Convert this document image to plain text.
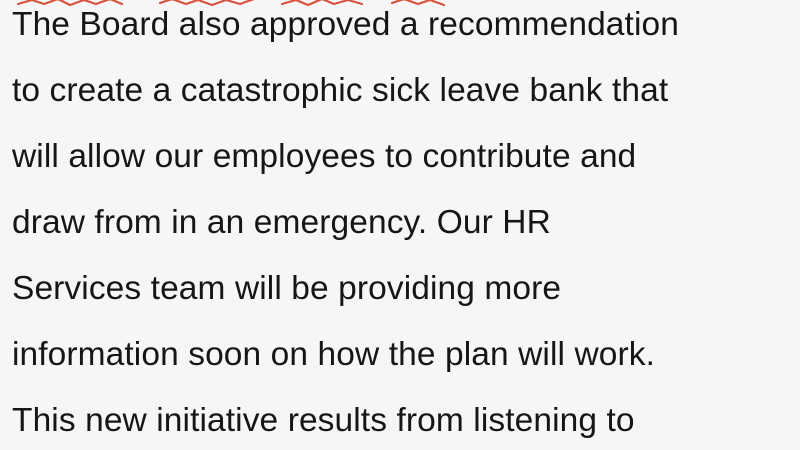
The Board also approved a recommendation
to create a catastrophic sick leave bank that
will allow our employees to contribute and
draw from in an emergency. Our HR
Services team will be providing more
information soon on how the plan will work.
This new initiative results from listening to
